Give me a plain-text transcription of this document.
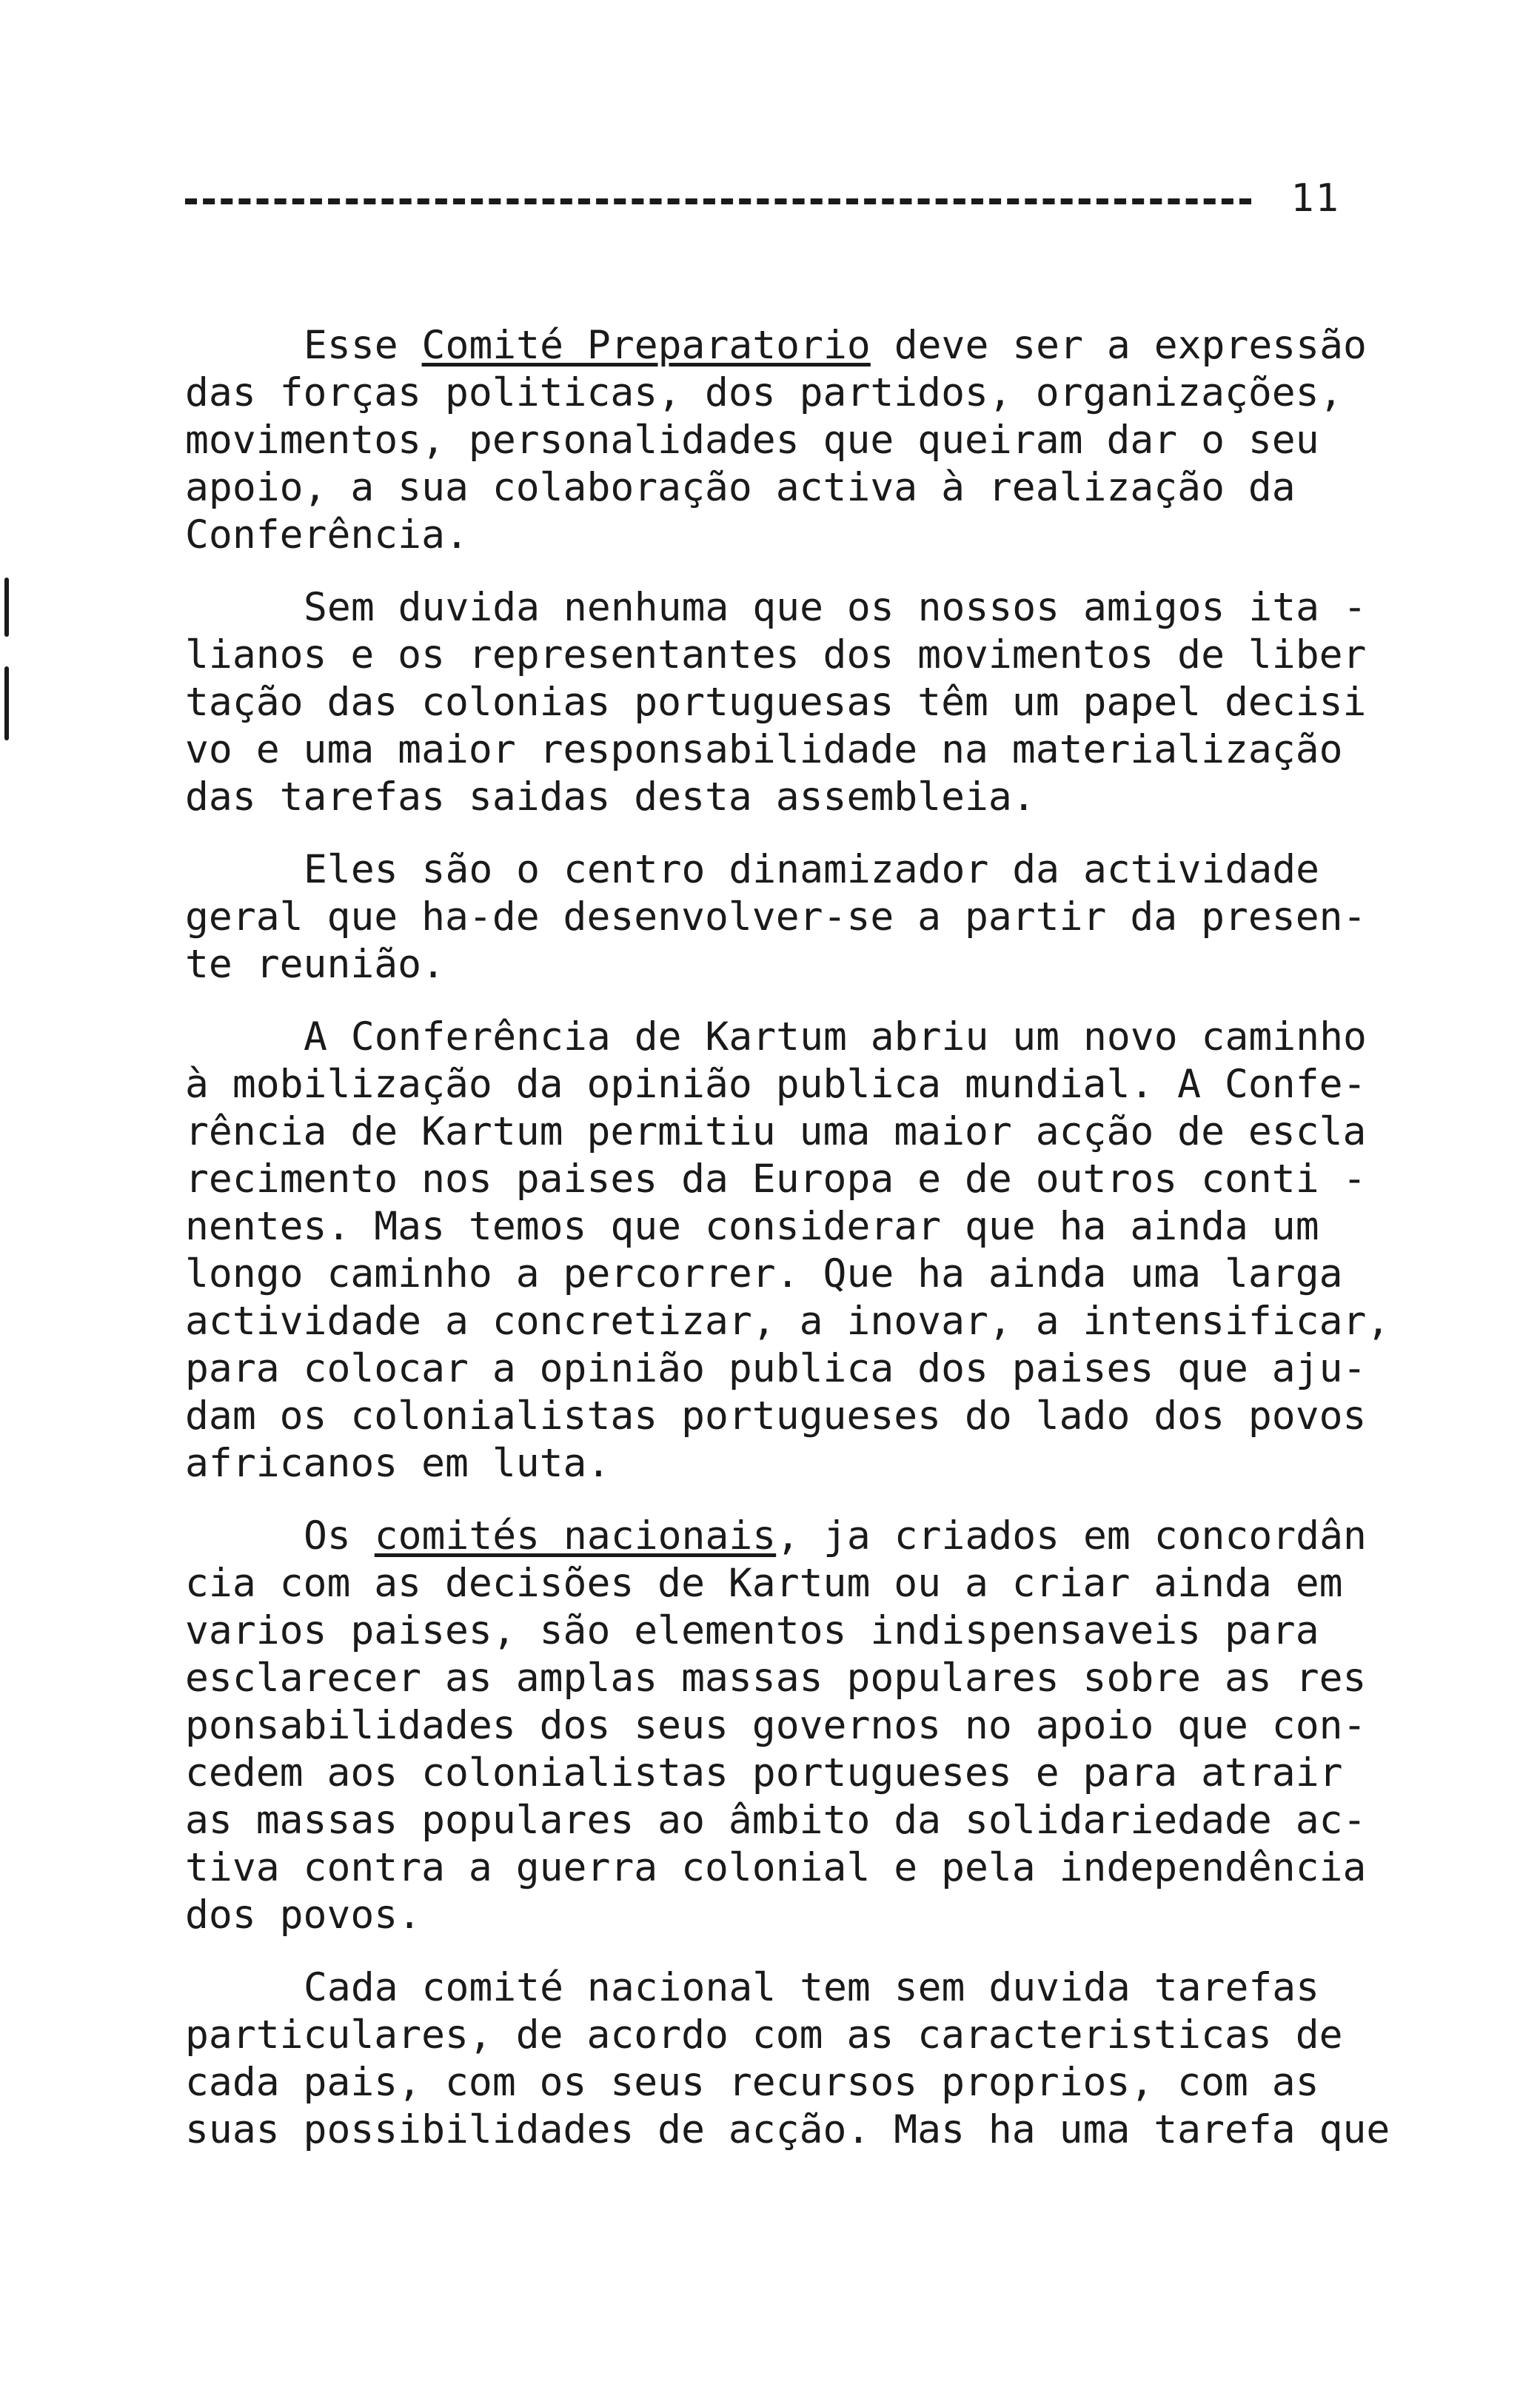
11
Esse Comité Preparatorio deve ser a expressão
das forças politicas, dos partidos, organizações,
movimentos, personalidades que queiram dar o seu
apoio, a sua colaboração activa à realização da
Conferência.
Sem duvida nenhuma que os nossos amigos ita -
lianos e os representantes dos movimentos de liber
tação das colonias portuguesas têm um papel decisi
vo e uma maior responsabilidade na materialização
das tarefas saidas desta assembleia.
Eles são o centro dinamizador da actividade
geral que ha-de desenvolver-se a partir da presen-
te reunião.
A Conferência de Kartum abriu um novo caminho
à mobilização da opinião publica mundial. A Confe-
rência de Kartum permitiu uma maior acção de escla
recimento nos paises da Europa e de outros conti -
nentes. Mas temos que considerar que ha ainda um
longo caminho a percorrer. Que ha ainda uma larga
actividade a concretizar, a inovar, a intensificar,
para colocar a opinião publica dos paises que aju-
dam os colonialistas portugueses do lado dos povos
africanos em luta.
Os comités nacionais, ja criados em concordân
cia com as decisões de Kartum ou a criar ainda em
varios paises, são elementos indispensaveis para
esclarecer as amplas massas populares sobre as res
ponsabilidades dos seus governos no apoio que con-
cedem aos colonialistas portugueses e para atrair
as massas populares ao âmbito da solidariedade ac-
tiva contra a guerra colonial e pela independência
dos povos.
Cada comité nacional tem sem duvida tarefas
particulares, de acordo com as caracteristicas de
cada pais, com os seus recursos proprios, com as
suas possibilidades de acção. Mas ha uma tarefa que
